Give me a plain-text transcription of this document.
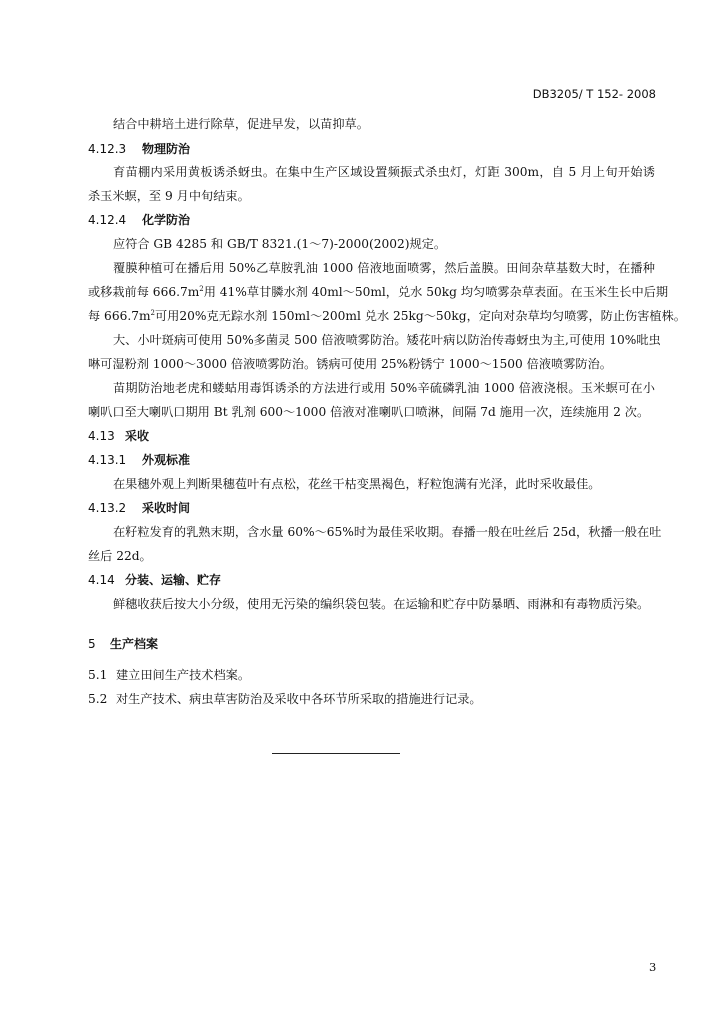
DB3205/ T 152- 2008
结合中耕培土进行除草，促进早发，以苗抑草。
4.12.3 物理防治
育苗棚内采用黄板诱杀蚜虫。在集中生产区域设置频振式杀虫灯，灯距 300m，自 5 月上旬开始诱
杀玉米螟，至 9 月中旬结束。
4.12.4 化学防治
应符合 GB 4285 和 GB/T 8321.(1～7)-2000(2002)规定。
覆膜种植可在播后用 50%乙草胺乳油 1000 倍液地面喷雾，然后盖膜。田间杂草基数大时，在播种
或移栽前每 $666.7m^2$用 41%草甘膦水剂 40ml～50ml，兑水 50kg 均匀喷雾杂草表面。在玉米生长中后期
每 $666.7m^2$可用20%克无踪水剂 150ml～200ml 兑水 25kg～50kg，定向对杂草均匀喷雾，防止伤害植株。
大、小叶斑病可使用 50%多菌灵 500 倍液喷雾防治。矮花叶病以防治传毒蚜虫为主,可使用 10%吡虫
啉可湿粉剂 1000～3000 倍液喷雾防治。锈病可使用 25%粉锈宁 1000～1500 倍液喷雾防治。
苗期防治地老虎和蝼蛄用毒饵诱杀的方法进行或用 50%辛硫磷乳油 1000 倍液浇根。玉米螟可在小
喇叭口至大喇叭口期用 Bt 乳剂 600～1000 倍液对准喇叭口喷淋，间隔 7d 施用一次，连续施用 2 次。
4.13 采收
4.13.1 外观标准
在果穗外观上判断果穗苞叶有点松，花丝干枯变黑褐色，籽粒饱满有光泽，此时采收最佳。
4.13.2 采收时间
在籽粒发育的乳熟末期，含水量 60%～65%时为最佳采收期。春播一般在吐丝后 25d，秋播一般在吐
丝后 22d。
4.14 分装、运输、贮存
鲜穗收获后按大小分级，使用无污染的编织袋包装。在运输和贮存中防暴晒、雨淋和有毒物质污染。
5 生产档案
5.1 建立田间生产技术档案。
5.2 对生产技术、病虫草害防治及采收中各环节所采取的措施进行记录。
3
